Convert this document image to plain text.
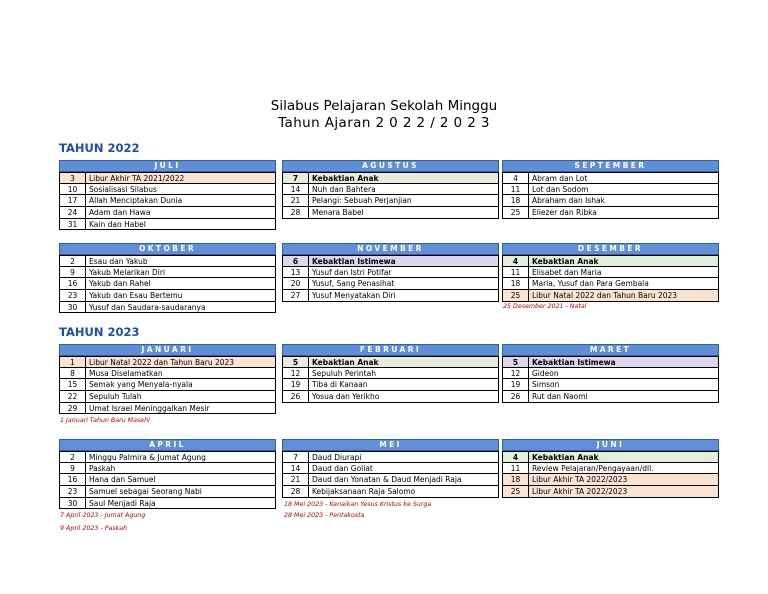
Silabus Pelajaran Sekolah Minggu
Tahun Ajaran 2 0 2 2 / 2 0 2 3
TAHUN 2022
TAHUN 2023
JULI
3	Libur Akhir TA 2021/2022
10	Sosialisasi Silabus
17	Allah Menciptakan Dunia
24	Adam dan Hawa
31	Kain dan Habel
AGUSTUS
7	Kebaktian Anak
14	Nuh dan Bahtera
21	Pelangi: Sebuah Perjanjian
28	Menara Babel
SEPTEMBER
4	Abram dan Lot
11	Lot dan Sodom
18	Abraham dan Ishak
25	Eliezer dan Ribka
OKTOBER
2	Esau dan Yakub
9	Yakub Melarikan Diri
16	Yakub dan Rahel
23	Yakub dan Esau Bertemu
30	Yusuf dan Saudara-saudaranya
NOVEMBER
6	Kebaktian Istimewa
13	Yusuf dan Istri Potifar
20	Yusuf, Sang Penasihat
27	Yusuf Menyatakan Diri
DESEMBER
4	Kebaktian Anak
11	Elisabet dan Maria
18	Maria, Yusuf dan Para Gembala
25	Libur Natal 2022 dan Tahun Baru 2023
25 Desember 2021 - Natal
JANUARI
1	Libur Natal 2022 dan Tahun Baru 2023
8	Musa Diselamatkan
15	Semak yang Menyala-nyala
22	Sepuluh Tulah
29	Umat Israel Meninggalkan Mesir
1 Januari Tahun Baru Masehi
FEBRUARI
5	Kebaktian Anak
12	Sepuluh Perintah
19	Tiba di Kanaan
26	Yosua dan Yerikho
MARET
5	Kebaktian Istimewa
12	Gideon
19	Simson
26	Rut dan Naomi
APRIL
2	Minggu Palmira & Jumat Agung
9	Paskah
16	Hana dan Samuel
23	Samuel sebagai Seorang Nabi
30	Saul Menjadi Raja
7 April 2023 - Jumat Agung
9 April 2023 - Paskah
MEI
7	Daud Diurapi
14	Daud dan Goliat
21	Daud dan Yonatan & Daud Menjadi Raja
28	Kebijaksanaan Raja Salomo
18 Mei 2023 - Kenaikan Yesus Kristus ke Surga
28 Mei 2023 - Pentakosta
JUNI
4	Kebaktian Anak
11	Review Pelajaran/Pengayaan/dll.
18	Libur Akhir TA 2022/2023
25	Libur Akhir TA 2022/2023
